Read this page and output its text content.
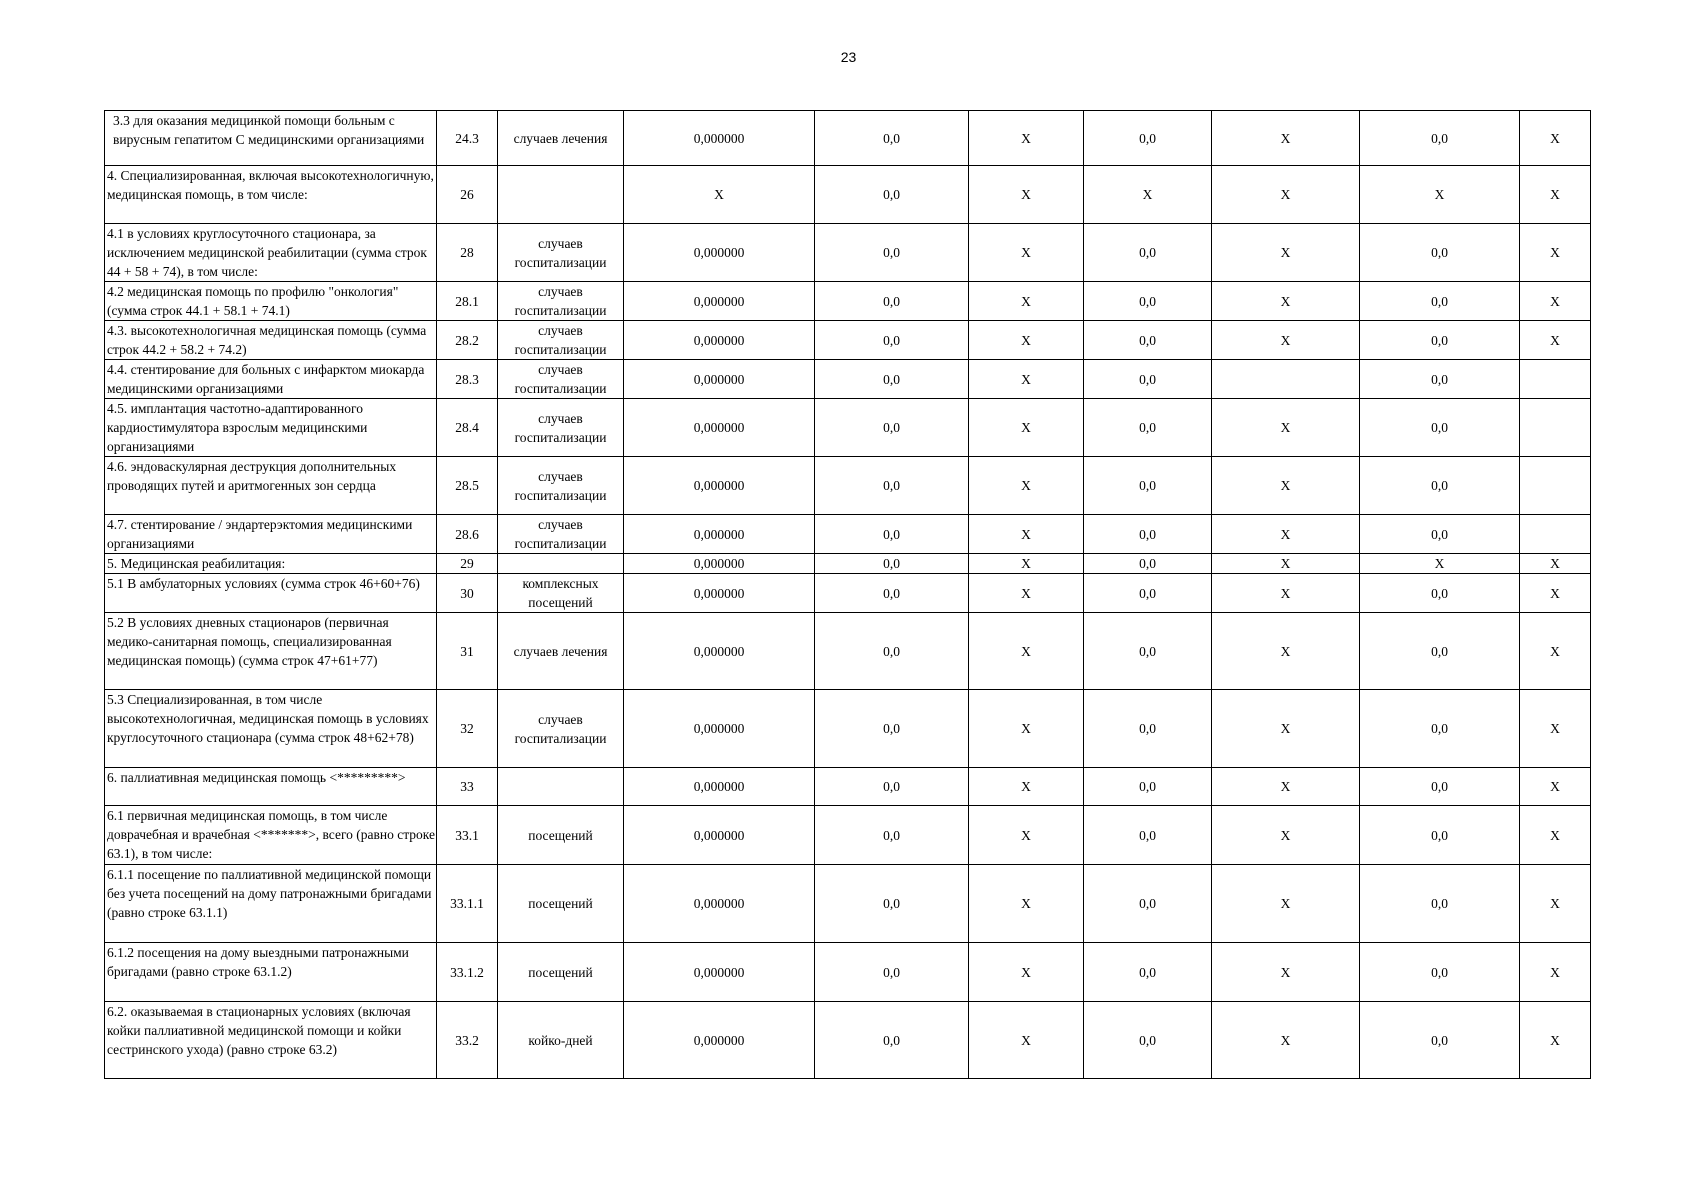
23
3.3 для оказания медицинкой помощи больным с вирусным гепатитом С медицинскими организациями	24.3	случаев лечения	0,000000	0,0	X	0,0	X	0,0	X
4. Специализированная, включая высокотехнологичную, медицинская помощь, в том числе:	26		X	0,0	X	X	X	X	X
4.1 в условиях круглосуточного стационара, за исключением медицинской реабилитации (сумма строк 44 + 58 + 74), в том числе:	28	случаев госпитализации	0,000000	0,0	X	0,0	X	0,0	X
4.2 медицинская помощь по профилю "онкология" (сумма строк 44.1 + 58.1 + 74.1)	28.1	случаев госпитализации	0,000000	0,0	X	0,0	X	0,0	X
4.3. высокотехнологичная медицинская помощь (сумма строк 44.2 + 58.2 + 74.2)	28.2	случаев госпитализации	0,000000	0,0	X	0,0	X	0,0	X
4.4. стентирование для больных с инфарктом миокарда медицинскими организациями	28.3	случаев госпитализации	0,000000	0,0	X	0,0		0,0	
4.5. имплантация частотно-адаптированного кардиостимулятора взрослым медицинскими организациями	28.4	случаев госпитализации	0,000000	0,0	X	0,0	X	0,0	
4.6. эндоваскулярная деструкция дополнительных проводящих путей и аритмогенных зон сердца	28.5	случаев госпитализации	0,000000	0,0	X	0,0	X	0,0	
4.7. стентирование / эндартерэктомия медицинскими организациями	28.6	случаев госпитализации	0,000000	0,0	X	0,0	X	0,0	
5. Медицинская реабилитация:	29		0,000000	0,0	X	0,0	X	X	X
5.1 В амбулаторных условиях (сумма строк 46+60+76)	30	комплексных посещений	0,000000	0,0	X	0,0	X	0,0	X
5.2 В условиях дневных стационаров (первичная медико-санитарная помощь, специализированная медицинская помощь) (сумма строк 47+61+77)	31	случаев лечения	0,000000	0,0	X	0,0	X	0,0	X
5.3 Специализированная, в том числе высокотехнологичная, медицинская помощь в условиях круглосуточного стационара (сумма строк 48+62+78)	32	случаев госпитализации	0,000000	0,0	X	0,0	X	0,0	X
6. паллиативная медицинская помощь <*********>	33		0,000000	0,0	X	0,0	X	0,0	X
6.1 первичная медицинская помощь, в том числе доврачебная и врачебная <*******>, всего (равно строке 63.1), в том числе:	33.1	посещений	0,000000	0,0	X	0,0	X	0,0	X
6.1.1 посещение по паллиативной медицинской помощи без учета посещений на дому патронажными бригадами (равно строке 63.1.1)	33.1.1	посещений	0,000000	0,0	X	0,0	X	0,0	X
6.1.2 посещения на дому выездными патронажными бригадами (равно строке 63.1.2)	33.1.2	посещений	0,000000	0,0	X	0,0	X	0,0	X
6.2. оказываемая в стационарных условиях (включая койки паллиативной медицинской помощи и койки сестринского ухода) (равно строке 63.2)	33.2	койко-дней	0,000000	0,0	X	0,0	X	0,0	X
